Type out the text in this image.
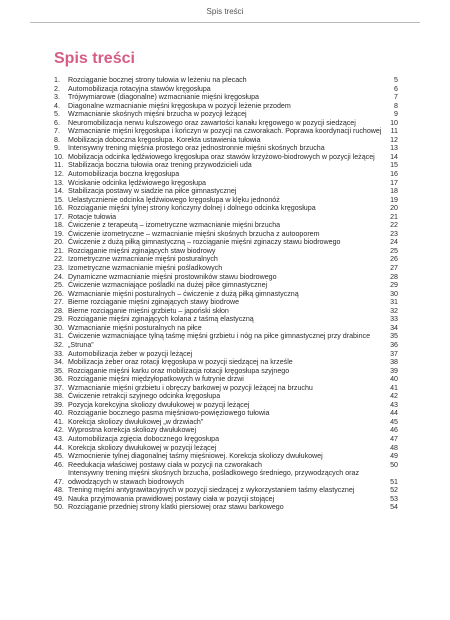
Spis treści
Spis treści
1.	Rozciąganie bocznej strony tułowia w leżeniu na plecach	5
2.	Automobilizacja rotacyjna stawów kręgosłupa	6
3.	Trójwymiarowe (diagonalne) wzmacnianie mięśni kręgosłupa	7
4.	Diagonalne wzmacnianie mięśni kręgosłupa w pozycji leżenie przodem	8
5.	Wzmacnianie skośnych mięśni brzucha w pozycji leżącej	9
6.	Neuromobilizacja nerwu kulszowego oraz zawartości kanału kręgowego w pozycji siedzącej	10
7.	Wzmacnianie mięśni kręgosłupa i kończyn w pozycji na czworakach. Poprawa koordynacji ruchowej	11
8.	Mobilizacja doboczna kręgosłupa. Korekta ustawienia tułowia	12
9.	Intensywny trening mięśnia prostego oraz jednostronnie mięśni skośnych brzucha	13
10. Mobilizacja odcinka lędźwiowego kręgosłupa oraz stawów krzyżowo-biodrowych w pozycji leżącej	14
11. Stabilizacja boczna tułowia oraz trening przywodzicieli uda	15
12. Automobilizacja boczna kręgosłupa	16
13. Wciskanie odcinka lędźwiowego kręgosłupa	17
14. Stabilizacja postawy w siadzie na piłce gimnastycznej	18
15. Uelastycznienie odcinka lędźwiowego kręgosłupa w klęku jednonóż	19
16. Rozciąganie mięśni tylnej strony kończyny dolnej i dolnego odcinka kręgosłupa	20
17. Rotacje tułowia	21
18. Ćwiczenie z terapeutą – izometryczne wzmacnianie mięśni brzucha	22
19. Ćwiczenie izometryczne – wzmacnianie mięśni skośnych brzucha z autooporem	23
20. Ćwiczenie z dużą piłką gimnastyczną – rozciąganie mięśni zginaczy stawu biodrowego	24
21. Rozciąganie mięśni zginających staw biodrowy	25
22. Izometryczne wzmacnianie mięśni posturalnych	26
23. Izometryczne wzmacnianie mięśni pośladkowych	27
24. Dynamiczne wzmacnianie mięśni prostowników stawu biodrowego	28
25. Ćwiczenie wzmacniające pośladki na dużej piłce gimnastycznej	29
26. Wzmacnianie mięśni posturalnych – ćwiczenie z dużą piłką gimnastyczną	30
27. Bierne rozciąganie mięśni zginających stawy biodrowe	31
28. Bierne rozciąganie mięśni grzbietu – japoński skłon	32
29. Rozciąganie mięśni zginających kolana z taśmą elastyczną	33
30. Wzmacnianie mięśni posturalnych na piłce	34
31. Ćwiczenie wzmacniające tylną taśmę mięśni grzbietu i nóg na piłce gimnastycznej przy drabince	35
32. „Struna”	36
33. Automobilizacja żeber w pozycji leżącej	37
34. Mobilizacja żeber oraz rotacji kręgosłupa w pozycji siedzącej na krześle	38
35. Rozciąganie mięśni karku oraz mobilizacja rotacji kręgosłupa szyjnego	39
36. Rozciąganie mięśni międzyłopatkowych w futrynie drzwi	40
37. Wzmacnianie mięśni grzbietu i obręczy barkowej w pozycji leżącej na brzuchu	41
38. Ćwiczenie retrakcji szyjnego odcinka kręgosłupa	42
39. Pozycja korekcyjna skoliozy dwułukowej w pozycji leżącej	43
40. Rozciąganie bocznego pasma mięśniowo-powięziowego tułowia	44
41. Korekcja skoliozy dwułukowej „w drzwiach”	45
42. Wyprostna korekcja skoliozy dwułukowej	46
43. Automobilizacja zgięcia dobocznego kręgosłupa	47
44. Korekcja skoliozy dwułukowej w pozycji leżącej	48
45. Wzmocnienie tylnej diagonalnej taśmy mięśniowej. Korekcja skoliozy dwułukowej	49
46. Reedukacja właściwej postawy ciała w pozycji na czworakach	50
47.
Intensywny trening mięśni skośnych brzucha, pośladkowego średniego, przywodzących oraz odwodzących w stawach biodrowych	51
48. Trening mięśni antygrawitacyjnych w pozycji siedzącej z wykorzystaniem taśmy elastycznej	52
49. Nauka przyjmowania prawidłowej postawy ciała w pozycji stojącej	53
50. Rozciąganie przedniej strony klatki piersiowej oraz stawu barkowego	54
